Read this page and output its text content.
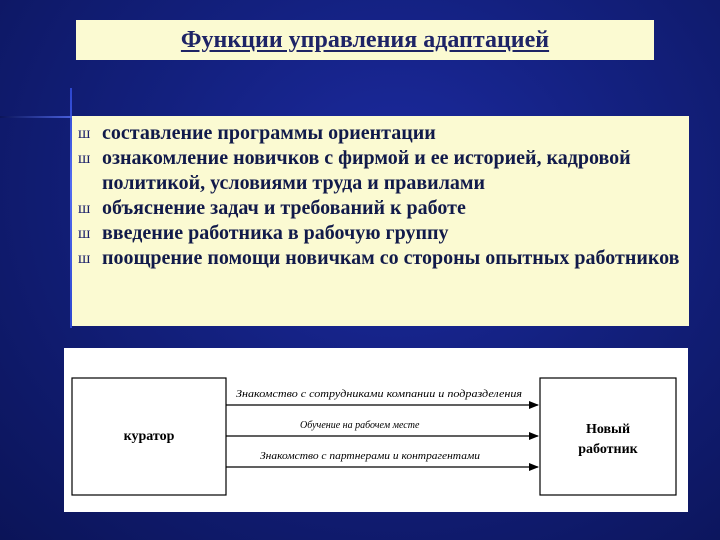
Функции управления адаптацией
ш составление программы ориентации
ш ознакомление новичков с фирмой и ее историей, кадровой политикой, условиями труда и правилами
ш объяснение задач и требований к работе
ш введение работника в рабочую группу
ш поощрение помощи новичкам со стороны опытных работников
куратор	Новый
работник
Знакомство с сотрудниками компании и подразделения
Обучение на рабочем месте
Знакомство с партнерами и контрагентами
